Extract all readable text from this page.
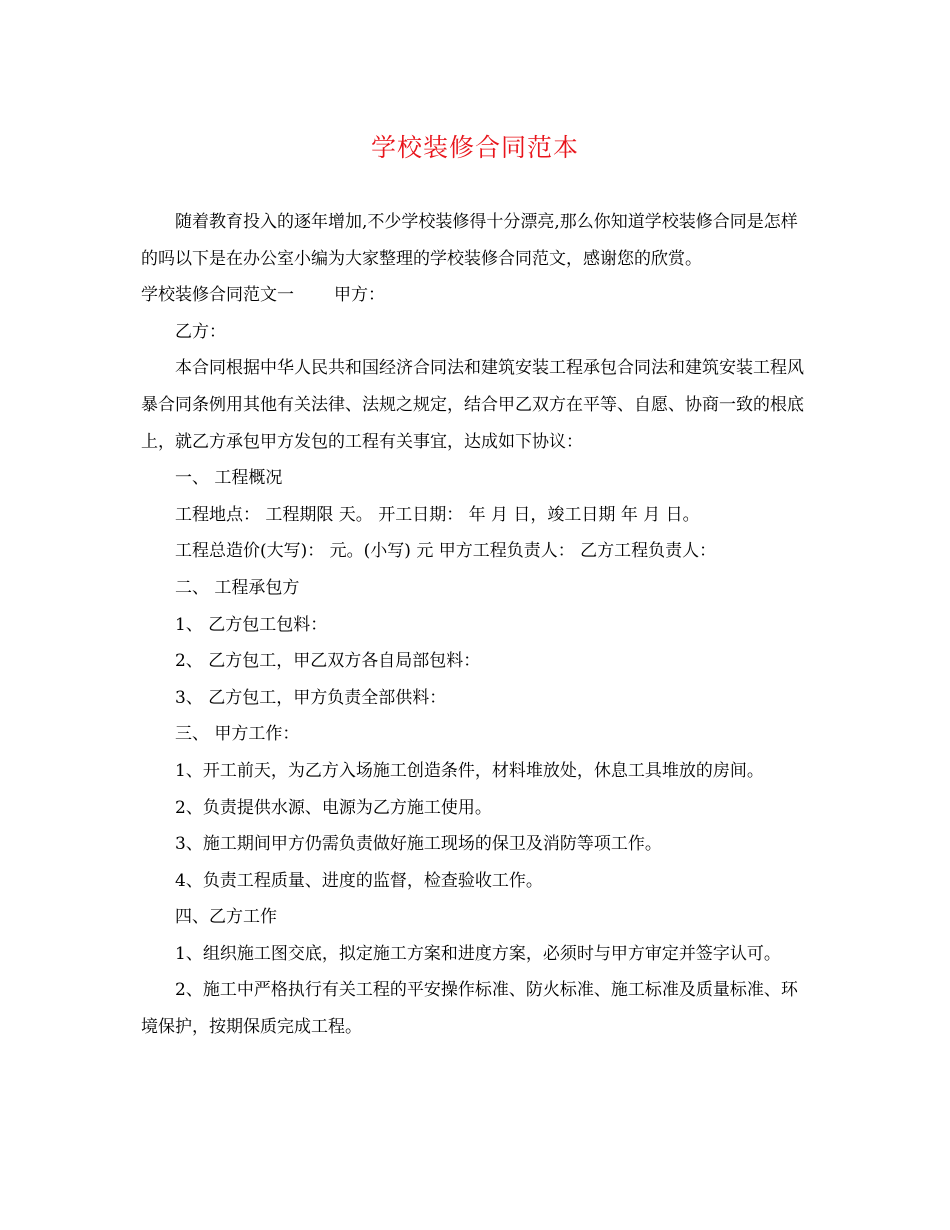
学校装修合同范本

随着教育投入的逐年增加,不少学校装修得十分漂亮,那么你知道学校装修合同是怎样的吗以下是在办公室小编为大家整理的学校装修合同范文，感谢您的欣赏。

学校装修合同范文一 甲方：

乙方：

本合同根据中华人民共和国经济合同法和建筑安装工程承包合同法和建筑安装工程风暴合同条例用其他有关法律、法规之规定，结合甲乙双方在平等、自愿、协商一致的根底上，就乙方承包甲方发包的工程有关事宜，达成如下协议：

一、 工程概况

工程地点： 工程期限 天。 开工日期： 年 月 日，竣工日期 年 月 日。

工程总造价(大写)： 元。(小写) 元 甲方工程负责人： 乙方工程负责人：

二、 工程承包方

1、 乙方包工包料：

2、 乙方包工，甲乙双方各自局部包料：

3、 乙方包工，甲方负责全部供料：

三、 甲方工作：

1、开工前天，为乙方入场施工创造条件，材料堆放处，休息工具堆放的房间。

2、负责提供水源、电源为乙方施工使用。

3、施工期间甲方仍需负责做好施工现场的保卫及消防等项工作。

4、负责工程质量、进度的监督，检查验收工作。

四、乙方工作

1、组织施工图交底，拟定施工方案和进度方案，必须时与甲方审定并签字认可。

2、施工中严格执行有关工程的平安操作标准、防火标准、施工标准及质量标准、环境保护，按期保质完成工程。
